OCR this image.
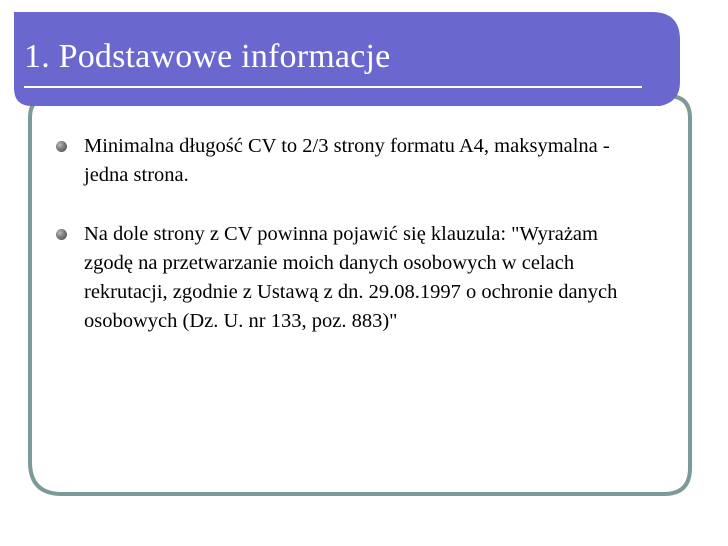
1. Podstawowe informacje
Minimalna długość CV to 2/3 strony formatu A4, maksymalna - jedna strona.
Na dole strony z CV powinna pojawić się klauzula: "Wyrażam zgodę na przetwarzanie moich danych osobowych w celach rekrutacji, zgodnie z Ustawą z dn. 29.08.1997 o ochronie danych osobowych (Dz. U. nr 133, poz. 883)"
